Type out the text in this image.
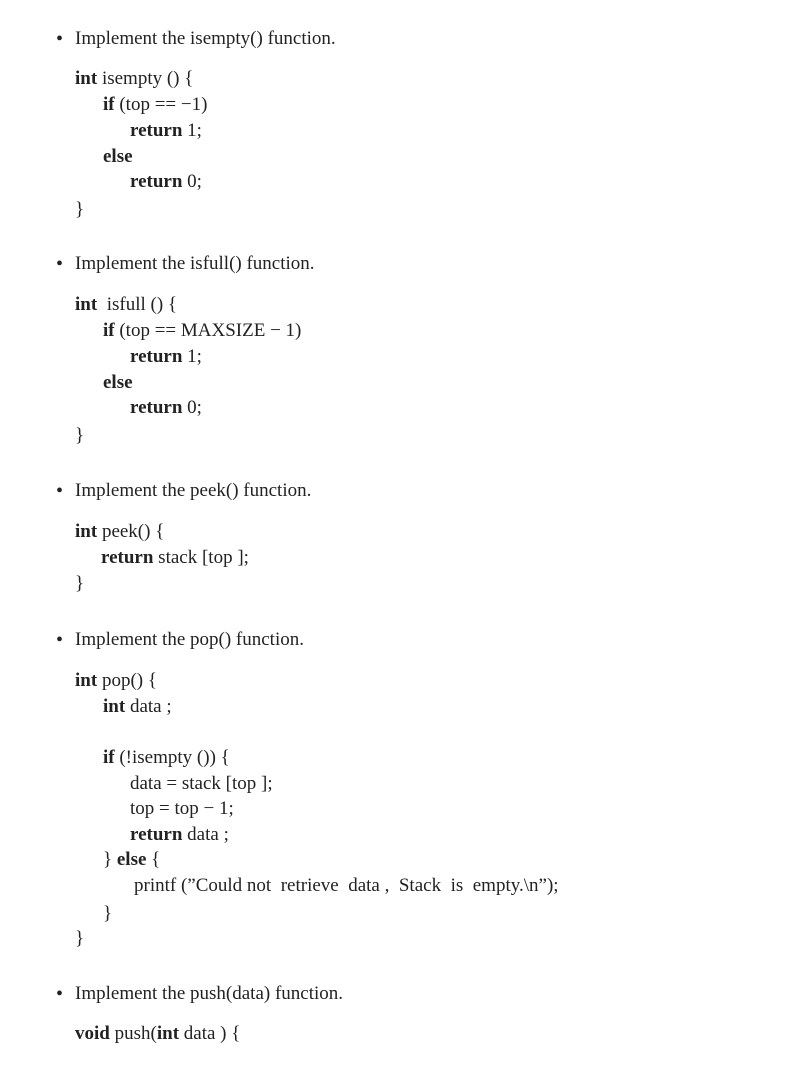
• Implement the isempty() function.
int isempty () {
if (top == −1)
return 1;
else
return 0;
}
• Implement the isfull() function.
int  isfull () {
if (top == MAXSIZE − 1)
return 1;
else
return 0;
}
• Implement the peek() function.
int peek() {
return stack [top ];
}
• Implement the pop() function.
int pop() {
int data ;
if (!isempty ()) {
data = stack [top ];
top = top − 1;
return data ;
} else {
printf (”Could not  retrieve  data ,  Stack  is  empty.\n”);
}
}
• Implement the push(data) function.
void push(int data ) {
